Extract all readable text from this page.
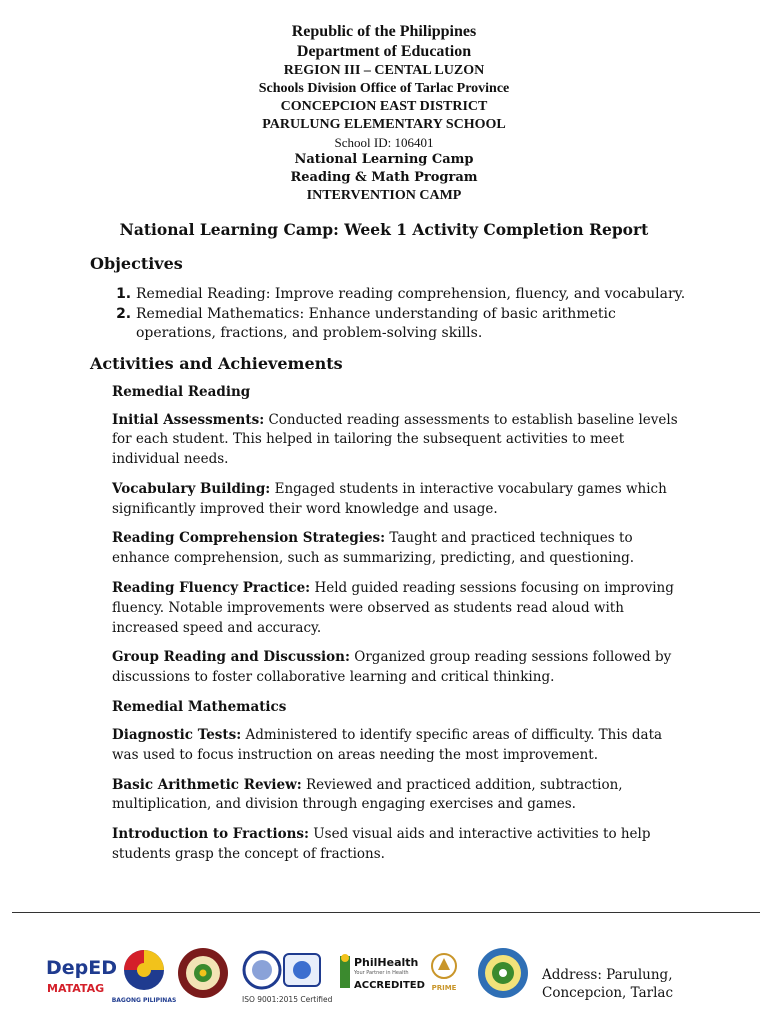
Republic of the Philippines
Department of Education
REGION III – CENTAL LUZON
Schools Division Office of Tarlac Province
CONCEPCION EAST DISTRICT
PARULUNG ELEMENTARY SCHOOL
School ID: 106401
National Learning Camp
Reading & Math Program
INTERVENTION CAMP
National Learning Camp: Week 1 Activity Completion Report
Objectives
1. Remedial Reading: Improve reading comprehension, fluency, and vocabulary.
2. Remedial Mathematics: Enhance understanding of basic arithmetic operations, fractions, and problem-solving skills.
Activities and Achievements
Remedial Reading

Initial Assessments: Conducted reading assessments to establish baseline levels for each student. This helped in tailoring the subsequent activities to meet individual needs.

Vocabulary Building: Engaged students in interactive vocabulary games which significantly improved their word knowledge and usage.

Reading Comprehension Strategies: Taught and practiced techniques to enhance comprehension, such as summarizing, predicting, and questioning.

Reading Fluency Practice: Held guided reading sessions focusing on improving fluency. Notable improvements were observed as students read aloud with increased speed and accuracy.

Group Reading and Discussion: Organized group reading sessions followed by discussions to foster collaborative learning and critical thinking.

Remedial Mathematics

Diagnostic Tests: Administered to identify specific areas of difficulty. This data was used to focus instruction on areas needing the most improvement.

Basic Arithmetic Review: Reviewed and practiced addition, subtraction, multiplication, and division through engaging exercises and games.

Introduction to Fractions: Used visual aids and interactive activities to help students grasp the concept of fractions.

DepED
MATATAG
BAGONG PILIPINAS	ISO 9001:2015 Certified
PhilHealth
Your Partner in Health
ACCREDITED PRIME
Address: Parulung,
Concepcion, Tarlac
